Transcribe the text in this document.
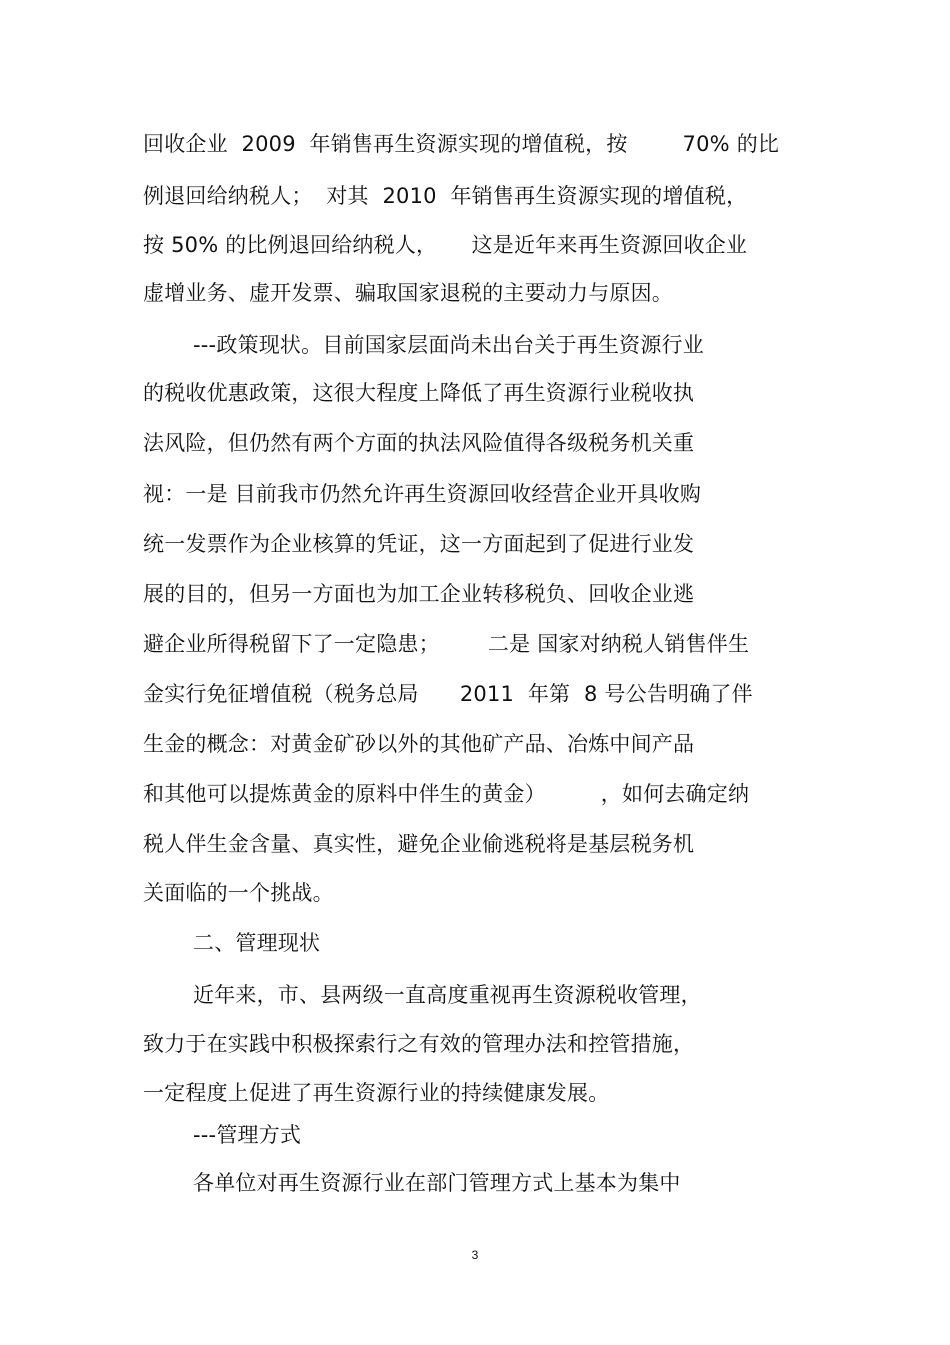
回收企业  2009  年销售再生资源实现的增值税，按        70% 的比
例退回给纳税人；  对其  2010  年销售再生资源实现的增值税，
按 50% 的比例退回给纳税人，     这是近年来再生资源回收企业
虚增业务、虚开发票、骗取国家退税的主要动力与原因。
---政策现状。目前国家层面尚未出台关于再生资源行业
的税收优惠政策，这很大程度上降低了再生资源行业税收执
法风险，但仍然有两个方面的执法风险值得各级税务机关重
视：一是 目前我市仍然允许再生资源回收经营企业开具收购
统一发票作为企业核算的凭证，这一方面起到了促进行业发
展的目的，但另一方面也为加工企业转移税负、回收企业逃
避企业所得税留下了一定隐患；       二是 国家对纳税人销售伴生
金实行免征增值税（税务总局      2011  年第  8 号公告明确了伴
生金的概念：对黄金矿砂以外的其他矿产品、冶炼中间产品
和其他可以提炼黄金的原料中伴生的黄金）        ，如何去确定纳
税人伴生金含量、真实性，避免企业偷逃税将是基层税务机
关面临的一个挑战。
二、管理现状
近年来，市、县两级一直高度重视再生资源税收管理，
致力于在实践中积极探索行之有效的管理办法和控管措施，
一定程度上促进了再生资源行业的持续健康发展。
---管理方式
各单位对再生资源行业在部门管理方式上基本为集中
3
